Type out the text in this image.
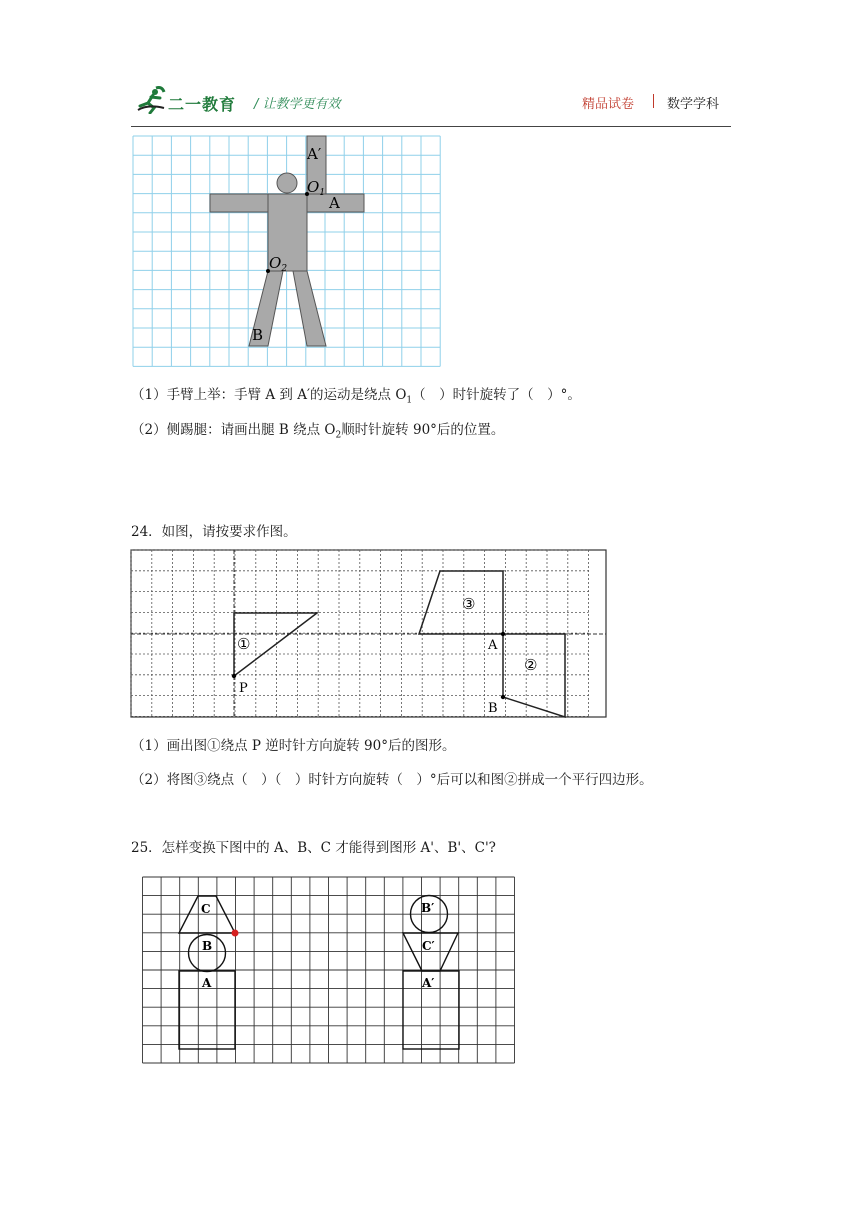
二一教育 / 让教学更有效	精品试卷	数学学科
A′
$O_1$
A
$O_2$
B
（1）手臂上举：手臂 A 到 A′的运动是绕点 $O_1$（　）时针旋转了（　）°。
（2）侧踢腿：请画出腿 B 绕点 $O_2$顺时针旋转 90°后的位置。
24．如图，请按要求作图。
①
②
③
P
A
B
（1）画出图①绕点 P 逆时针方向旋转 90°后的图形。
（2）将图③绕点（　）（　）时针方向旋转（　）°后可以和图②拼成一个平行四边形。
25．怎样变换下图中的 A、B、C 才能得到图形 A'、B'、C'?
C
B
A
B′
C′
A′
